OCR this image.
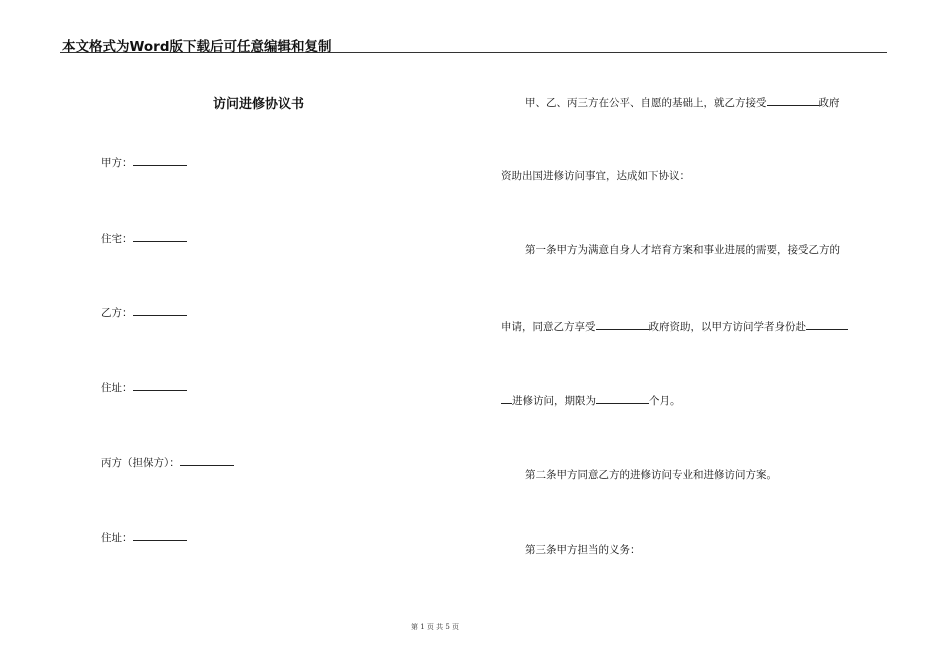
本文格式为Word版下载后可任意编辑和复制
访问进修协议书
甲方：
住宅：
乙方：
住址：
丙方（担保方）：
住址：
甲、乙、丙三方在公平、自愿的基础上，就乙方接受	政府
资助出国进修访问事宜，达成如下协议：
第一条甲方为满意自身人才培育方案和事业进展的需要，接受乙方的
申请，同意乙方享受	政府资助，以甲方访问学者身份赴
进修访问，期限为	个月。
第二条甲方同意乙方的进修访问专业和进修访问方案。
第三条甲方担当的义务：
第 1 页 共 5 页
